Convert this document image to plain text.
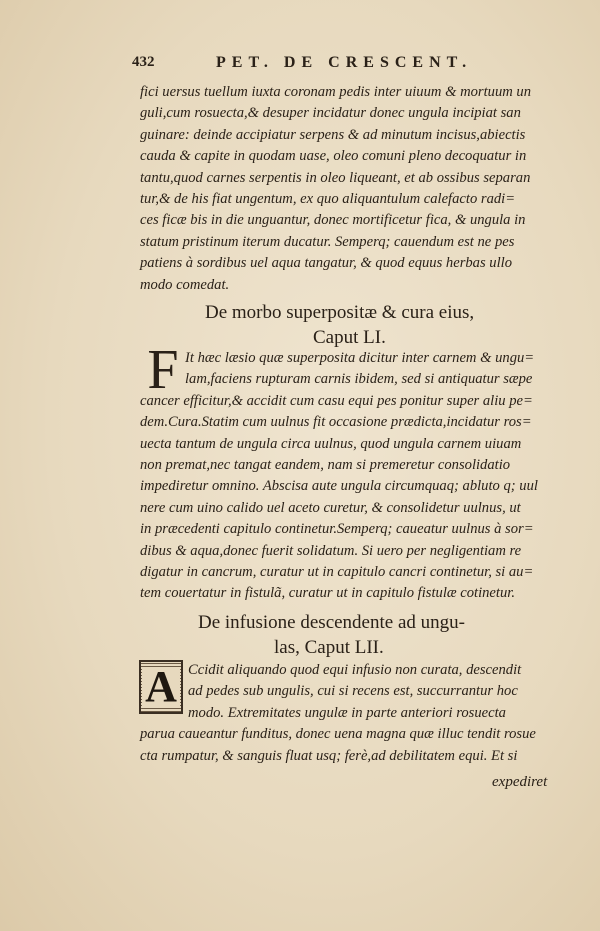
432	PET. DE CRESCENT.
fici uersus tuellum iuxta coronam pedis inter uiuum & mortuum un
guli,cum rosuecta,& desuper incidatur donec ungula incipiat san
guinare: deinde accipiatur serpens & ad minutum incisus,abiectis
cauda & capite in quodam uase, oleo comuni pleno decoquatur in
tantu,quod carnes serpentis in oleo liqueant, et ab ossibus separan
tur,& de his fiat ungentum, ex quo aliquantulum calefacto radi=
ces ficæ bis in die unguantur, donec mortificetur fica, & ungula in
statum pristinum iterum ducatur. Semperq; cauendum est ne pes
patiens à sordibus uel aqua tangatur, & quod equus herbas ullo
modo comedat.
De morbo superpositæ & cura eius,
Caput LI.
F It hæc læsio quæ superposita dicitur inter carnem & ungu=
lam,faciens rupturam carnis ibidem, sed si antiquatur sæpe
cancer efficitur,& accidit cum casu equi pes ponitur super aliu pe=
dem.Cura.Statim cum uulnus fit occasione prædicta,incidatur ros=
uecta tantum de ungula circa uulnus, quod ungula carnem uiuam
non premat,nec tangat eandem, nam si premeretur consolidatio
impediretur omnino. Abscisa aute ungula circumquaq; abluto q; uul
nere cum uino calido uel aceto curetur, & consolidetur uulnus, ut
in præcedenti capitulo continetur.Semperq; caueatur uulnus à sor=
dibus & aqua,donec fuerit solidatum. Si uero per negligentiam re
digatur in cancrum, curatur ut in capitulo cancri continetur, si au=
tem couertatur in fistulã, curatur ut in capitulo fistulæ cotinetur.
De infusione descendente ad ungu-
las, Caput LII.
A Ccidit aliquando quod equi infusio non curata, descendit
ad pedes sub ungulis, cui si recens est, succurrantur hoc
modo. Extremitates ungulæ in parte anteriori rosuecta
parua caueantur funditus, donec uena magna quæ illuc tendit rosue
cta rumpatur, & sanguis fluat usq; ferè,ad debilitatem equi. Et si
expediret
